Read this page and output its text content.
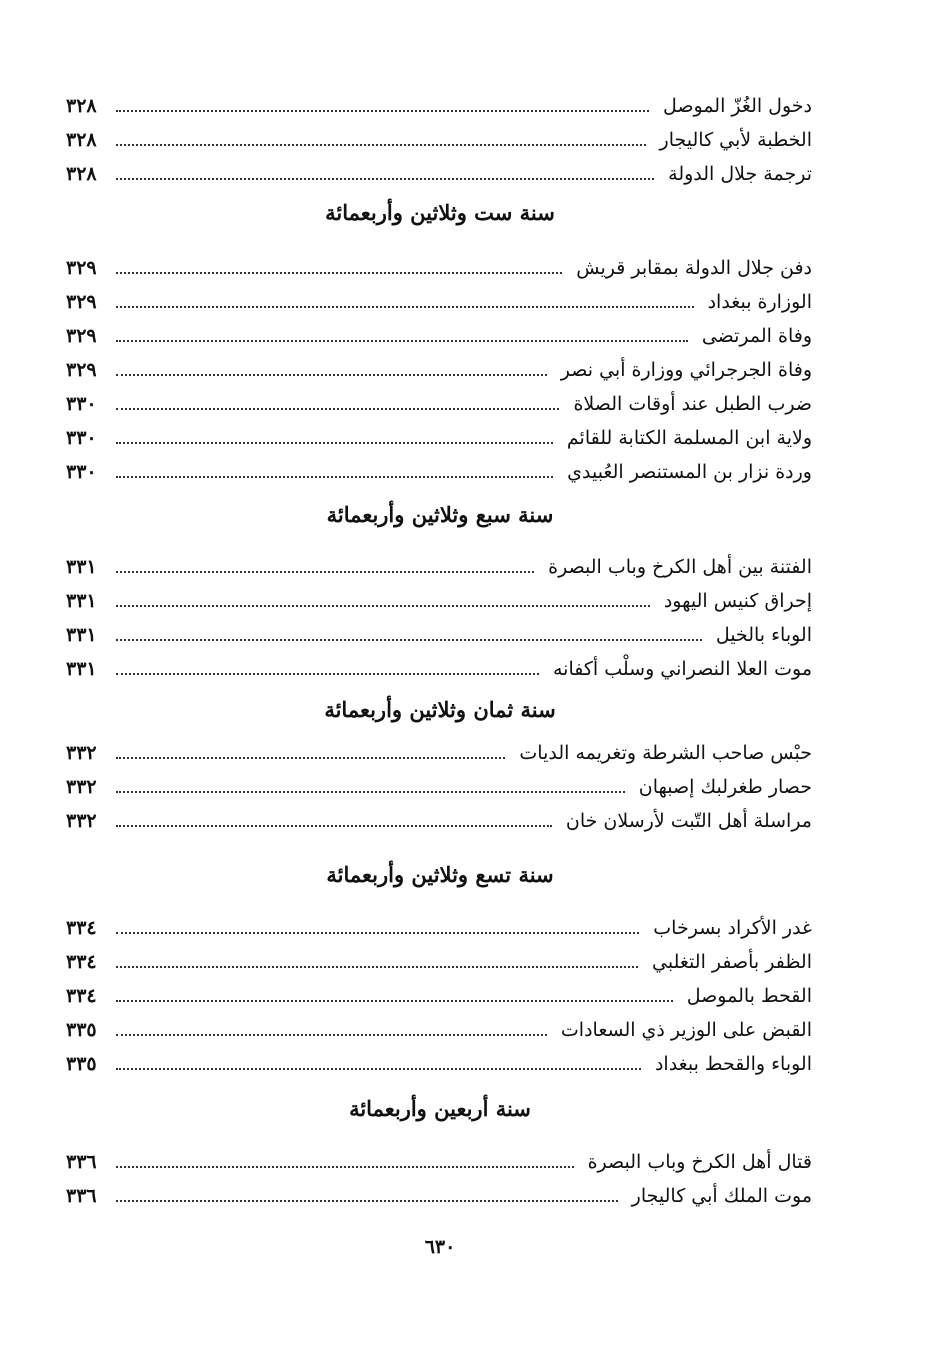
دخول الغُزّ الموصل
٣٢٨
الخطبة لأبي كاليجار
٣٢٨
ترجمة جلال الدولة
٣٢٨
سنة ست وثلاثين وأربعمائة
دفن جلال الدولة بمقابر قريش
٣٢٩
الوزارة ببغداد
٣٢٩
وفاة المرتضى
٣٢٩
وفاة الجرجرائي ووزارة أبي نصر
٣٢٩
ضرب الطبل عند أوقات الصلاة
٣٣٠
ولاية ابن المسلمة الكتابة للقائم
٣٣٠
وردة نزار بن المستنصر العُبيدي
٣٣٠
سنة سبع وثلاثين وأربعمائة
الفتنة بين أهل الكرخ وباب البصرة
٣٣١
إحراق كنيس اليهود
٣٣١
الوباء بالخيل
٣٣١
موت العلا النصراني وسلْب أكفانه
٣٣١
سنة ثمان وثلاثين وأربعمائة
حبْس صاحب الشرطة وتغريمه الديات
٣٣٢
حصار طغرلبك إصبهان
٣٣٢
مراسلة أهل التّبت لأرسلان خان
٣٣٢
سنة تسع وثلاثين وأربعمائة
غدر الأكراد بسرخاب
٣٣٤
الظفر بأصفر التغلبي
٣٣٤
القحط بالموصل
٣٣٤
القبض على الوزير ذي السعادات
٣٣٥
الوباء والقحط ببغداد
٣٣٥
سنة أربعين وأربعمائة
قتال أهل الكرخ وباب البصرة
٣٣٦
موت الملك أبي كاليجار
٣٣٦
٦٣٠
